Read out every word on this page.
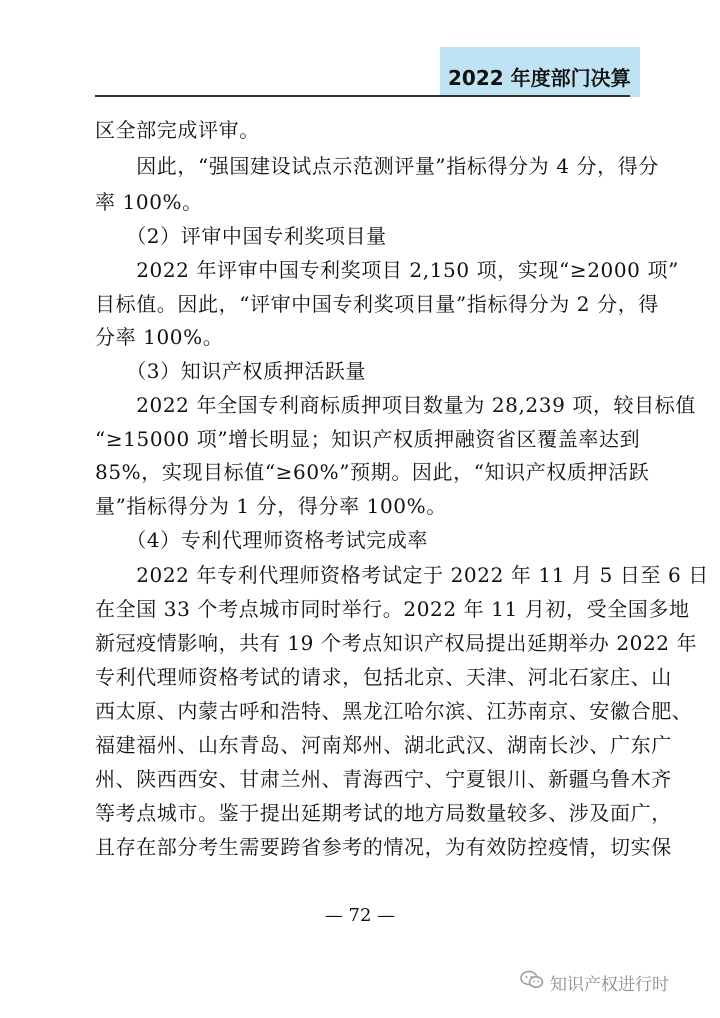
2022 年度部门决算
区全部完成评审。
　　因此，“强国建设试点示范测评量”指标得分为 4 分，得分
率 100%。
　　（2）评审中国专利奖项目量
　　2022 年评审中国专利奖项目 2,150 项，实现“≥2000 项”
目标值。因此，“评审中国专利奖项目量”指标得分为 2 分，得
分率 100%。
　　（3）知识产权质押活跃量
　　2022 年全国专利商标质押项目数量为 28,239 项，较目标值
“≥15000 项”增长明显；知识产权质押融资省区覆盖率达到
85%，实现目标值“≥60%”预期。因此，“知识产权质押活跃
量”指标得分为 1 分，得分率 100%。
　　（4）专利代理师资格考试完成率
　　2022 年专利代理师资格考试定于 2022 年 11 月 5 日至 6 日
在全国 33 个考点城市同时举行。2022 年 11 月初，受全国多地
新冠疫情影响，共有 19 个考点知识产权局提出延期举办 2022 年
专利代理师资格考试的请求，包括北京、天津、河北石家庄、山
西太原、内蒙古呼和浩特、黑龙江哈尔滨、江苏南京、安徽合肥、
福建福州、山东青岛、河南郑州、湖北武汉、湖南长沙、广东广
州、陕西西安、甘肃兰州、青海西宁、宁夏银川、新疆乌鲁木齐
等考点城市。鉴于提出延期考试的地方局数量较多、涉及面广，
且存在部分考生需要跨省参考的情况，为有效防控疫情，切实保
— 72 —
知识产权进行时
